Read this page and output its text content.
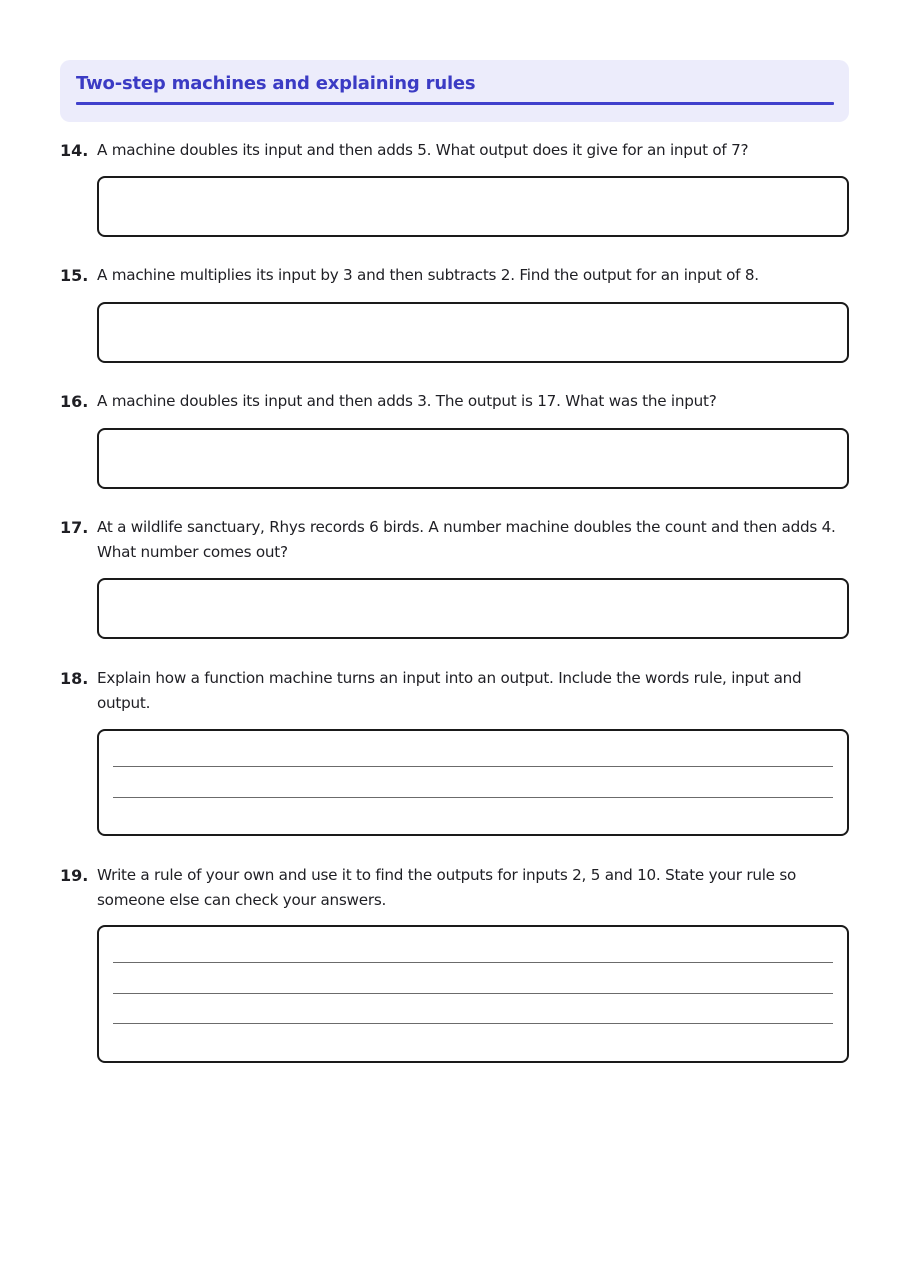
Two-step machines and explaining rules
14. A machine doubles its input and then adds 5. What output does it give for an input of 7?
15. A machine multiplies its input by 3 and then subtracts 2. Find the output for an input of 8.
16. A machine doubles its input and then adds 3. The output is 17. What was the input?
17. At a wildlife sanctuary, Rhys records 6 birds. A number machine doubles the count and then adds 4. What number comes out?
18. Explain how a function machine turns an input into an output. Include the words rule, input and output.
19. Write a rule of your own and use it to find the outputs for inputs 2, 5 and 10. State your rule so someone else can check your answers.
